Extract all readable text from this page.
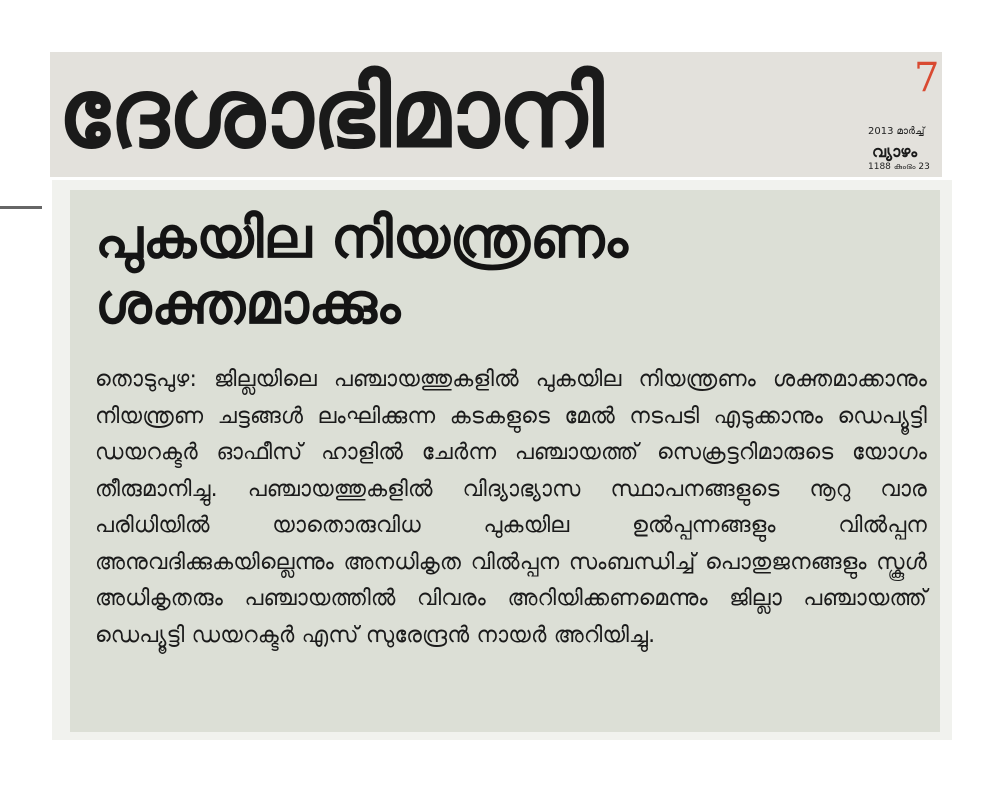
ദേശാഭിമാനി	7
2013 മാർച്ച്
വ്യാഴം
1188 കുംഭം 23
പുകയില നിയന്ത്രണം
ശക്തമാക്കും
തൊടുപുഴ: ജില്ലയിലെ പഞ്ചായത്തുകളിൽ പുകയില നിയന്ത്രണം ശക്തമാക്കാനും നിയന്ത്രണ ചട്ടങ്ങൾ ലംഘിക്കുന്ന കടകളുടെ മേൽ നടപടി എടുക്കാനും ഡെപ്യൂട്ടി ഡയറക്ടർ ഓഫീസ് ഹാളിൽ ചേർന്ന പഞ്ചായത്ത് സെക്രട്ടറിമാരുടെ യോഗം തീരുമാനിച്ചു. പഞ്ചായത്തുകളിൽ വിദ്യാഭ്യാസ സ്ഥാപനങ്ങളുടെ നൂറു വാര പരിധിയിൽ യാതൊരുവിധ പുകയില ഉൽപ്പന്നങ്ങളും വിൽപ്പന അനുവദിക്കുകയില്ലെന്നും അനധികൃത വിൽപ്പന സംബന്ധിച്ച് പൊതുജനങ്ങളും സ്കൂൾ അധികൃതരും പഞ്ചായത്തിൽ വിവരം അറിയിക്കണമെന്നും ജില്ലാ പഞ്ചായത്ത് ഡെപ്യൂട്ടി ഡയറക്ടർ എസ് സുരേന്ദ്രൻ നായർ അറിയിച്ചു.
